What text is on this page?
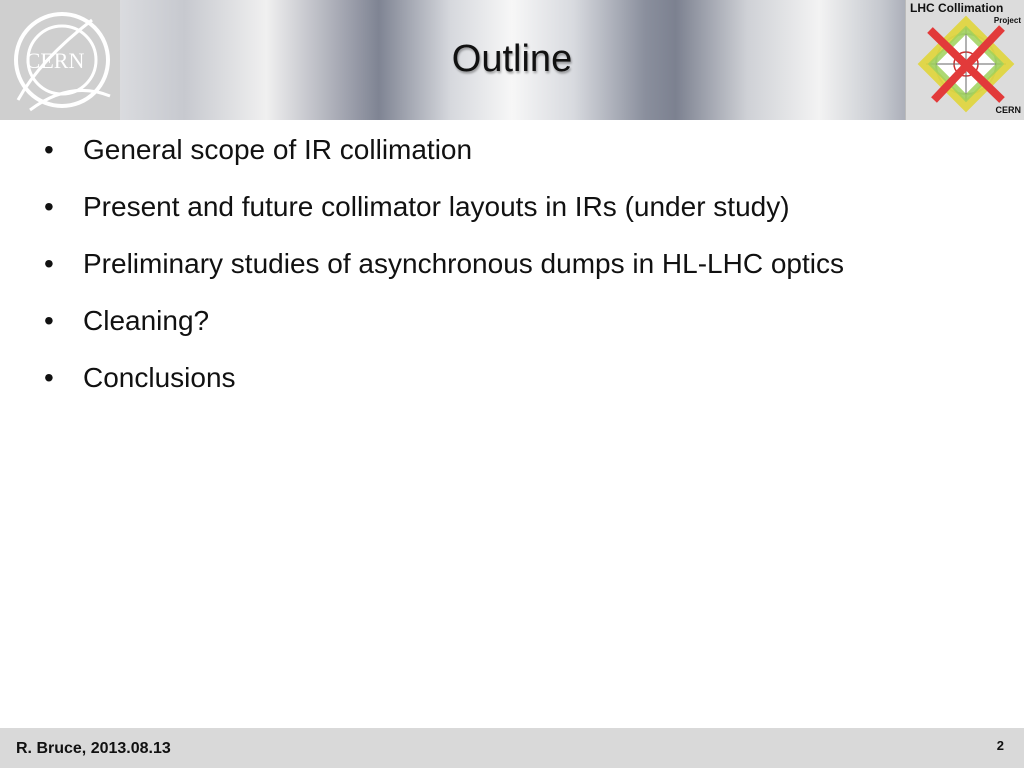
CERN	Outline
LHC Collimation
Project
CERN
•	General scope of IR collimation
•	Present and future collimator layouts in IRs (under study)
•	Preliminary studies of asynchronous dumps in HL-LHC optics
•	Cleaning?
•	Conclusions
R. Bruce, 2013.08.13	2
